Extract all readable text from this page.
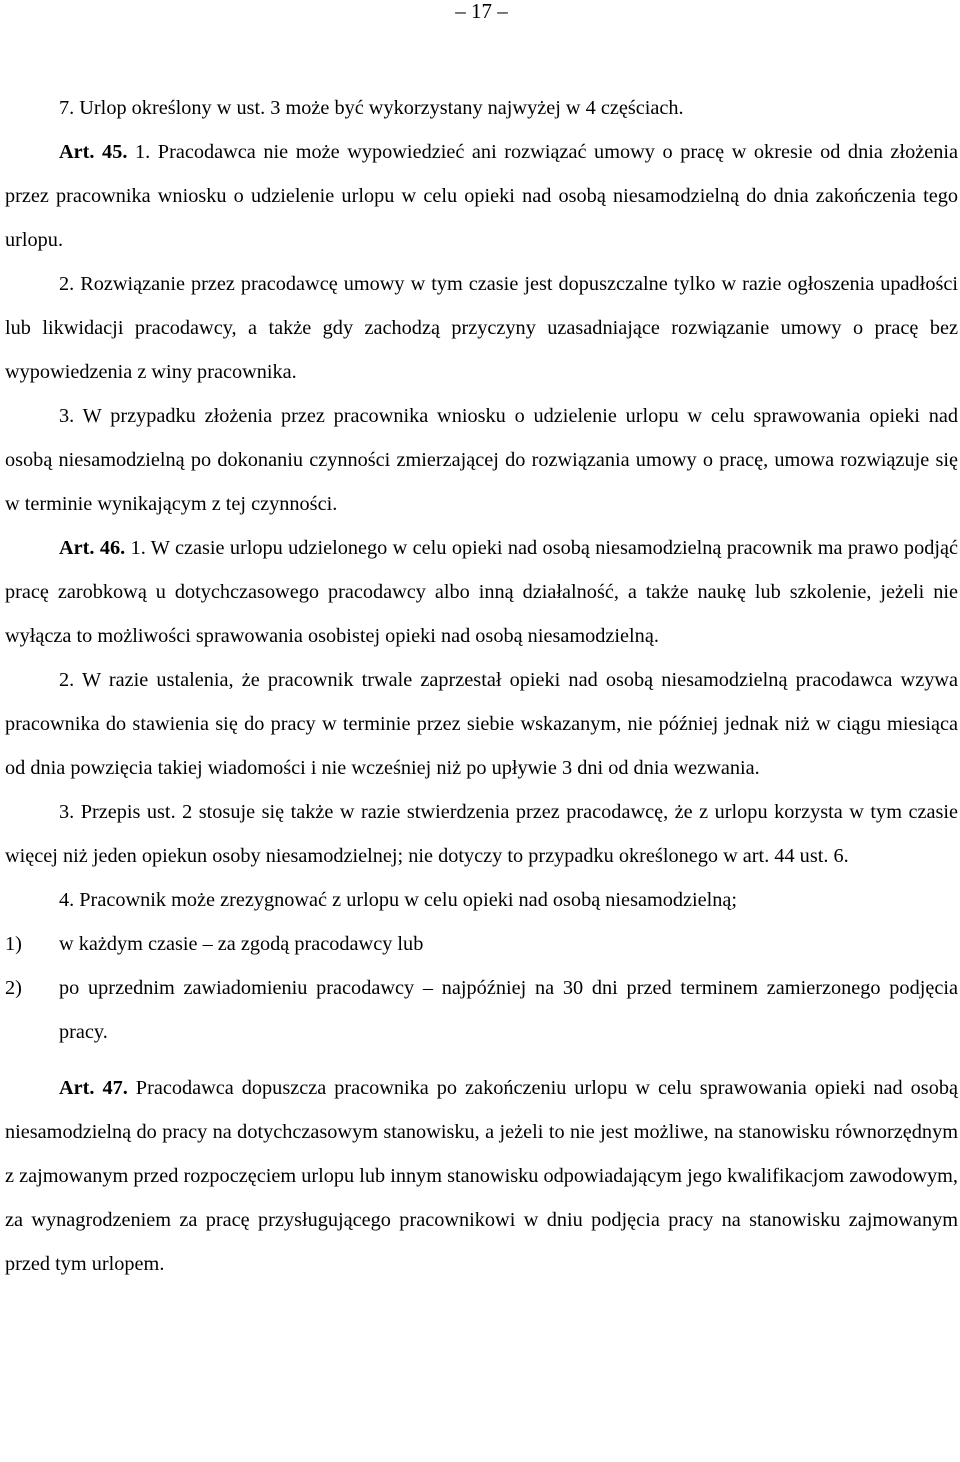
– 17 –

7. Urlop określony w ust. 3 może być wykorzystany najwyżej w 4 częściach.

Art. 45. 1. Pracodawca nie może wypowiedzieć ani rozwiązać umowy o pracę w okresie od dnia złożenia przez pracownika wniosku o udzielenie urlopu w celu opieki nad osobą niesamodzielną do dnia zakończenia tego urlopu.

2. Rozwiązanie przez pracodawcę umowy w tym czasie jest dopuszczalne tylko w razie ogłoszenia upadłości lub likwidacji pracodawcy, a także gdy zachodzą przyczyny uzasadniające rozwiązanie umowy o pracę bez wypowiedzenia z winy pracownika.

3. W przypadku złożenia przez pracownika wniosku o udzielenie urlopu w celu sprawowania opieki nad osobą niesamodzielną po dokonaniu czynności zmierzającej do rozwiązania umowy o pracę, umowa rozwiązuje się w terminie wynikającym z tej czynności.

Art. 46. 1. W czasie urlopu udzielonego w celu opieki nad osobą niesamodzielną pracownik ma prawo podjąć pracę zarobkową u dotychczasowego pracodawcy albo inną działalność, a także naukę lub szkolenie, jeżeli nie wyłącza to możliwości sprawowania osobistej opieki nad osobą niesamodzielną.

2. W razie ustalenia, że pracownik trwale zaprzestał opieki nad osobą niesamodzielną pracodawca wzywa pracownika do stawienia się do pracy w terminie przez siebie wskazanym, nie później jednak niż w ciągu miesiąca od dnia powzięcia takiej wiadomości i nie wcześniej niż po upływie 3 dni od dnia wezwania.

3. Przepis ust. 2 stosuje się także w razie stwierdzenia przez pracodawcę, że z urlopu korzysta w tym czasie więcej niż jeden opiekun osoby niesamodzielnej; nie dotyczy to przypadku określonego w art. 44 ust. 6.

4. Pracownik może zrezygnować z urlopu w celu opieki nad osobą niesamodzielną;

1)	w każdym czasie – za zgodą pracodawcy lub
2)	po uprzednim zawiadomieniu pracodawcy – najpóźniej na 30 dni przed terminem zamierzonego podjęcia pracy.

Art. 47. Pracodawca dopuszcza pracownika po zakończeniu urlopu w celu sprawowania opieki nad osobą niesamodzielną do pracy na dotychczasowym stanowisku, a jeżeli to nie jest możliwe, na stanowisku równorzędnym z zajmowanym przed rozpoczęciem urlopu lub innym stanowisku odpowiadającym jego kwalifikacjom zawodowym, za wynagrodzeniem za pracę przysługującego pracownikowi w dniu podjęcia pracy na stanowisku zajmowanym przed tym urlopem.
